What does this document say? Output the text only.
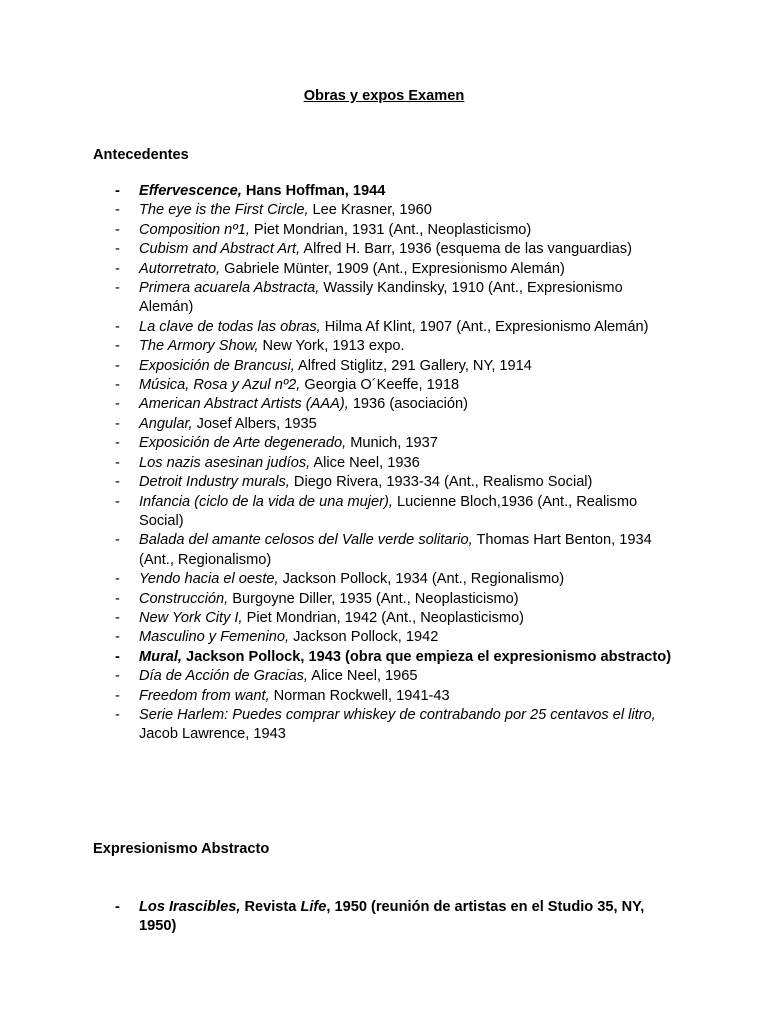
Obras y expos Examen
Antecedentes
- Effervescence, Hans Hoffman, 1944
- The eye is the First Circle, Lee Krasner, 1960
- Composition nº1, Piet Mondrian, 1931 (Ant., Neoplasticismo)
- Cubism and Abstract Art, Alfred H. Barr, 1936 (esquema de las vanguardias)
- Autorretrato, Gabriele Münter, 1909 (Ant., Expresionismo Alemán)
- Primera acuarela Abstracta, Wassily Kandinsky, 1910 (Ant., Expresionismo Alemán)
- La clave de todas las obras, Hilma Af Klint, 1907 (Ant., Expresionismo Alemán)
- The Armory Show, New York, 1913 expo.
- Exposición de Brancusi, Alfred Stiglitz, 291 Gallery, NY, 1914
- Música, Rosa y Azul nº2, Georgia O´Keeffe, 1918
- American Abstract Artists (AAA), 1936 (asociación)
- Angular, Josef Albers, 1935
- Exposición de Arte degenerado, Munich, 1937
- Los nazis asesinan judíos, Alice Neel, 1936
- Detroit Industry murals, Diego Rivera, 1933-34 (Ant., Realismo Social)
- Infancia (ciclo de la vida de una mujer), Lucienne Bloch,1936 (Ant., Realismo Social)
- Balada del amante celosos del Valle verde solitario, Thomas Hart Benton, 1934 (Ant., Regionalismo)
- Yendo hacia el oeste, Jackson Pollock, 1934 (Ant., Regionalismo)
- Construcción, Burgoyne Diller, 1935 (Ant., Neoplasticismo)
- New York City I, Piet Mondrian, 1942 (Ant., Neoplasticismo)
- Masculino y Femenino, Jackson Pollock, 1942
- Mural, Jackson Pollock, 1943 (obra que empieza el expresionismo abstracto)
- Día de Acción de Gracias, Alice Neel, 1965
- Freedom from want, Norman Rockwell, 1941-43
- Serie Harlem: Puedes comprar whiskey de contrabando por 25 centavos el litro, Jacob Lawrence, 1943
Expresionismo Abstracto
- Los Irascibles, Revista Life, 1950 (reunión de artistas en el Studio 35, NY, 1950)
